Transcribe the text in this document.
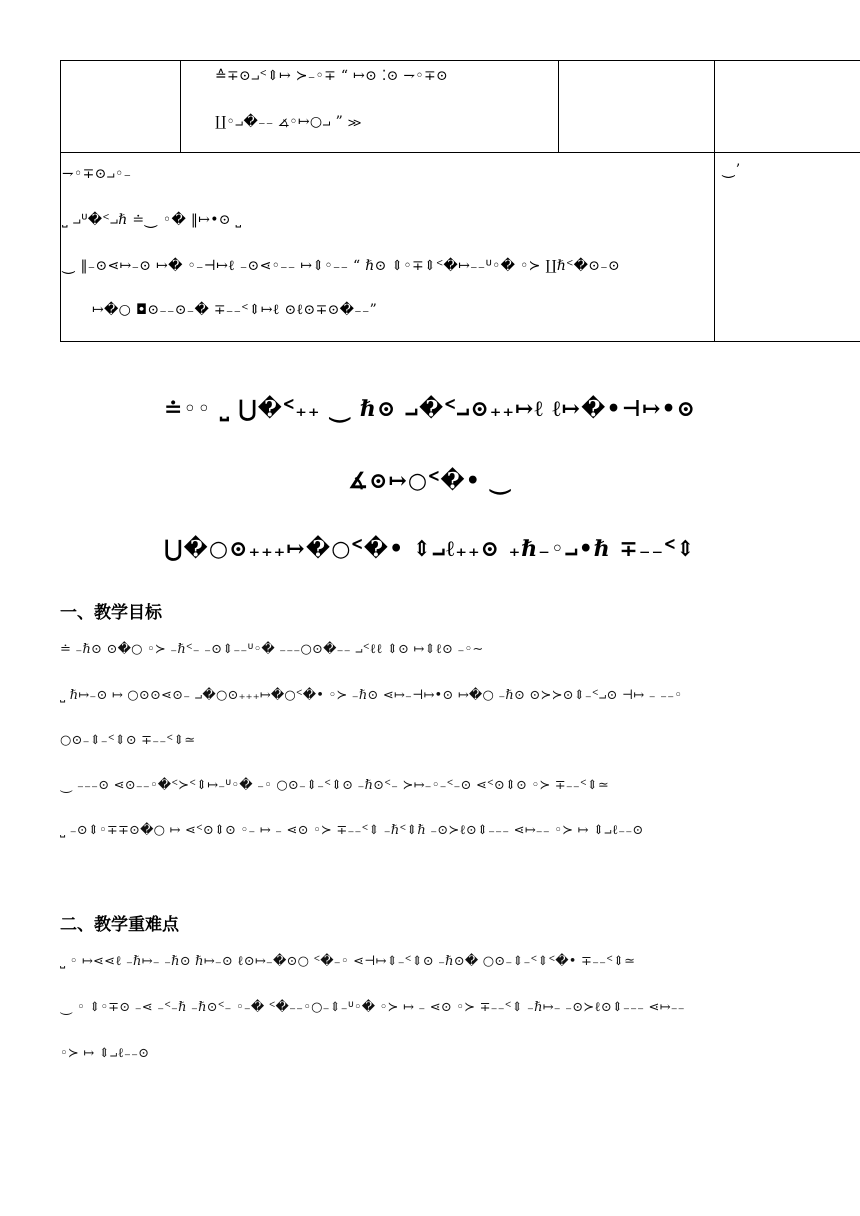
≙∓⊙⨼ᑉ⇕↦ ≻₋◦∓ “ ↦⊙ ⁚⊙ ⇁◦∓⊙
∐◦⨼�₋₋ ∡◦↦○⨼ ” ≫
⇁◦∓⊙⨼◦₋
⎵ ⨼ᓑ�ᑉ⨼ℏ ≐⏝ ◦� ‖↦•⊙ ⎵
⏝ ‖₋⊙⋖↦₋⊙ ↦� ◦₋⊣↦ℓ ₋⊙⋖◦₋₋ ↦⇕◦₋₋ “ ℏ⊙ ⇕◦∓⇕ᑉ�↦₋₋ᓑ◦� ◦≻ ∐ℏᑉ�⊙₋⊙
↦�○ ◘⊙₋₋⊙₋� ∓₋₋ᑉ⇕↦ℓ ⊙ℓ⊙∓⊙�₋₋”
⏝’
≐◦◦ ⎵ ⋃�ᑉ₊₊ ⏝ ℏ⊙ ⨼�ᑉ⨼⊙₊₊↦ℓ ℓ↦�•⊣↦•⊙
∡⊙↦○ᑉ�• ⏝
⋃�○⊙₊₊₊↦�○ᑉ�• ⇕⨼ℓ₊₊⊙ ₊ℏ₋◦⨼•ℏ ∓₋₋ᑉ⇕
一、教学目标
≐ ₋ℏ⊙ ⊙�○ ◦≻ ₋ℏᑉ₋ ₋⊙⇕₋₋ᓑ◦� ₋₋₋○⊙�₋₋ ⨼ᑉℓℓ ⇕⊙ ↦⇕ℓ⊙ ₋◦∼
⎵ ℏ↦₋⊙ ↦ ○⊙⊙⋖⊙₋ ⨼�○⊙₊₊₊↦�○ᑉ�• ◦≻ ₋ℏ⊙ ⋖↦₋⊣↦•⊙ ↦�○ ₋ℏ⊙ ⊙≻≻⊙⇕₋ᑉ⨼⊙ ⊣↦ ₋ ₋₋◦
○⊙₋⇕₋ᑉ⇕⊙ ∓₋₋ᑉ⇕≃
⏝ ₋₋₋⊙ ⋖⊙₋₋◦�ᑉ≻ᑉ⇕↦₋ᓑ◦� ₋◦ ○⊙₋⇕₋ᑉ⇕⊙ ₋ℏ⊙ᑉ₋ ≻↦₋◦₋ᑉ₋⊙ ⋖ᑉ⊙⇕⊙ ◦≻ ∓₋₋ᑉ⇕≃
⎵ ₋⊙⇕◦∓∓⊙�○ ↦ ⋖ᑉ⊙⇕⊙ ◦₋ ↦ ₋ ⋖⊙ ◦≻ ∓₋₋ᑉ⇕ ₋ℏᑉ⇕ℏ ₋⊙≻ℓ⊙⇕₋₋₋ ⋖↦₋₋ ◦≻ ↦ ⇕⨼ℓ₋₋⊙
二、教学重难点
⎵ ◦ ↦⋖⋖ℓ ₋ℏ↦₋ ₋ℏ⊙ ℏ↦₋⊙ ℓ⊙↦₋�⊙○ ᑉ�₋◦ ⋖⊣↦⇕₋ᑉ⇕⊙ ₋ℏ⊙� ○⊙₋⇕₋ᑉ⇕ᑉ�• ∓₋₋ᑉ⇕≃
⏝ ◦ ⇕◦∓⊙ ₋⋖ ₋ᑉ₋ℏ ₋ℏ⊙ᑉ₋ ◦₋� ᑉ�₋₋◦○₋⇕₋ᓑ◦� ◦≻ ↦ ₋ ⋖⊙ ◦≻ ∓₋₋ᑉ⇕ ₋ℏ↦₋ ₋⊙≻ℓ⊙⇕₋₋₋ ⋖↦₋₋
◦≻ ↦ ⇕⨼ℓ₋₋⊙
